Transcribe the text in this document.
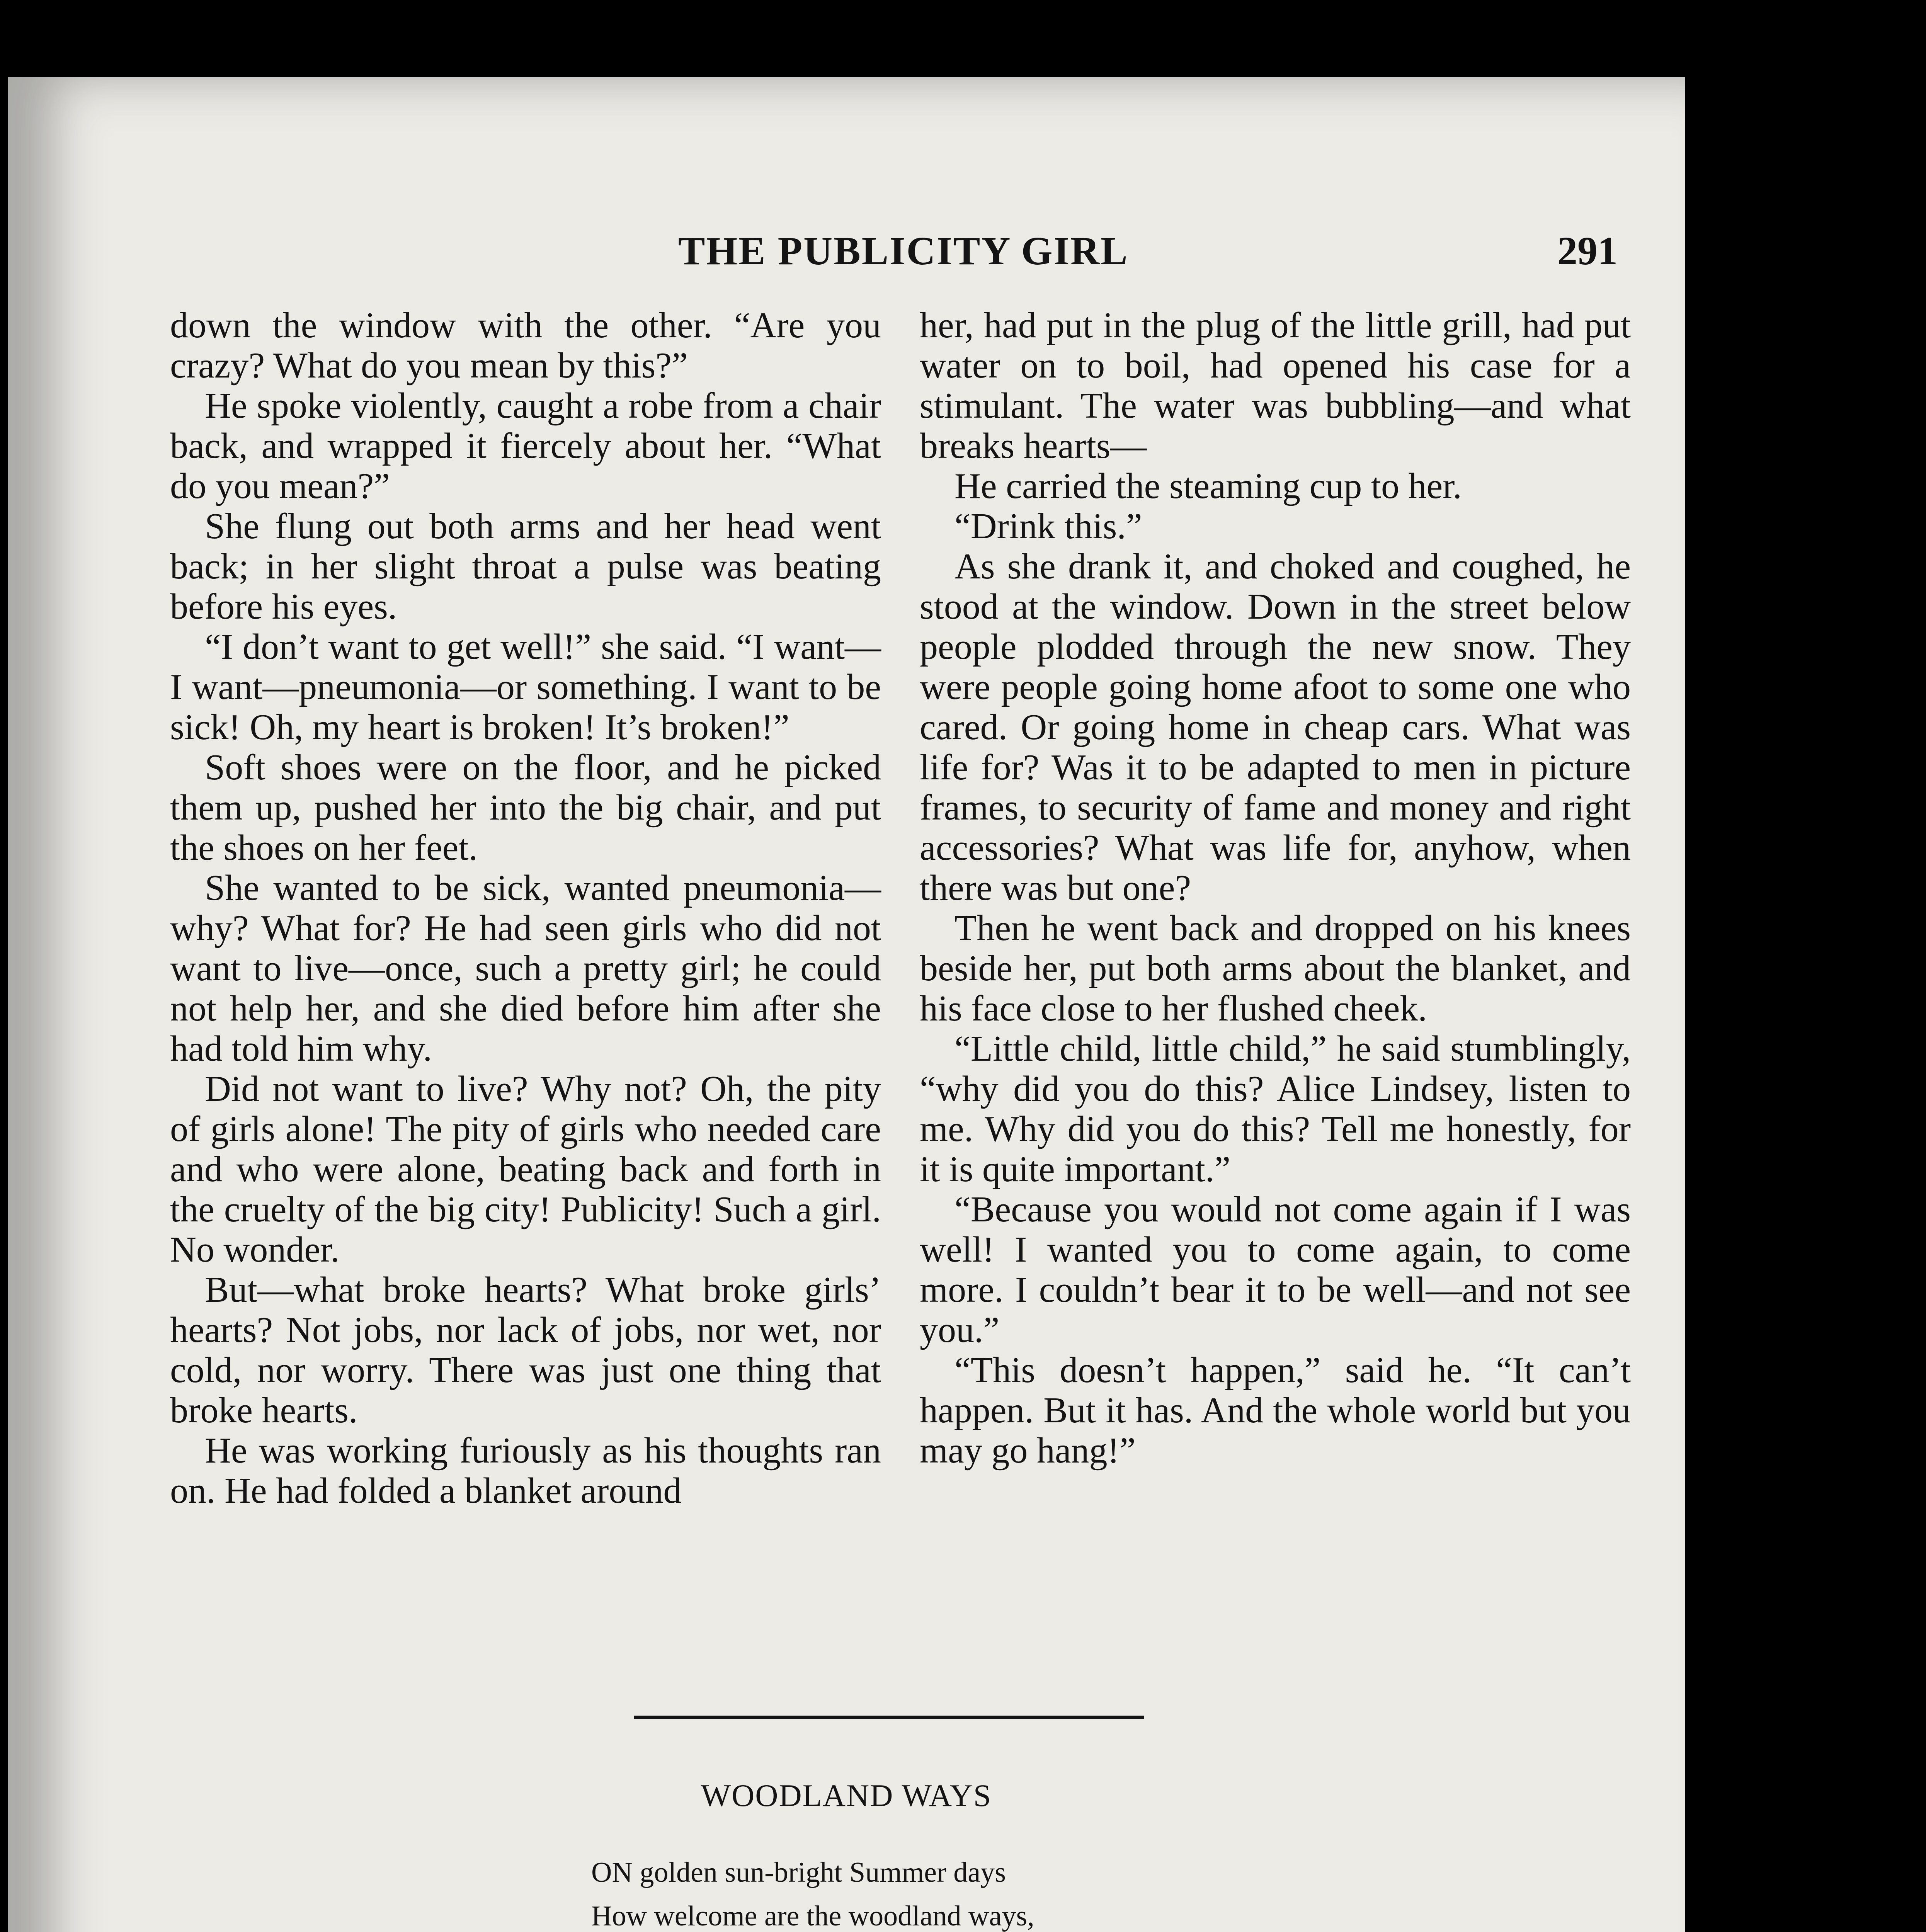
THE PUBLICITY GIRL	291

down the window with the other. “Are you crazy? What do you mean by this?”

He spoke violently, caught a robe from a chair back, and wrapped it fiercely about her. “What do you mean?”

She flung out both arms and her head went back; in her slight throat a pulse was beating before his eyes.

“I don’t want to get well!” she said. “I want—I want—pneumonia—or something. I want to be sick! Oh, my heart is broken! It’s broken!”

Soft shoes were on the floor, and he picked them up, pushed her into the big chair, and put the shoes on her feet.

She wanted to be sick, wanted pneumonia—why? What for? He had seen girls who did not want to live—once, such a pretty girl; he could not help her, and she died before him after she had told him why.

Did not want to live? Why not? Oh, the pity of girls alone! The pity of girls who needed care and who were alone, beating back and forth in the cruelty of the big city! Publicity! Such a girl. No wonder.

But—what broke hearts? What broke girls’ hearts? Not jobs, nor lack of jobs, nor wet, nor cold, nor worry. There was just one thing that broke hearts.

He was working furiously as his thoughts ran on. He had folded a blanket around

her, had put in the plug of the little grill, had put water on to boil, had opened his case for a stimulant. The water was bubbling—and what breaks hearts—

He carried the steaming cup to her.

“Drink this.”

As she drank it, and choked and coughed, he stood at the window. Down in the street below people plodded through the new snow. They were people going home afoot to some one who cared. Or going home in cheap cars. What was life for? Was it to be adapted to men in picture frames, to security of fame and money and right accessories? What was life for, anyhow, when there was but one?

Then he went back and dropped on his knees beside her, put both arms about the blanket, and his face close to her flushed cheek.

“Little child, little child,” he said stumblingly, “why did you do this? Alice Lindsey, listen to me. Why did you do this? Tell me honestly, for it is quite important.”

“Because you would not come again if I was well! I wanted you to come again, to come more. I couldn’t bear it to be well—and not see you.”

“This doesn’t happen,” said he. “It can’t happen. But it has. And the whole world but you may go hang!”

WOODLAND WAYS
ON golden sun-bright Summer days
How welcome are the woodland ways,
